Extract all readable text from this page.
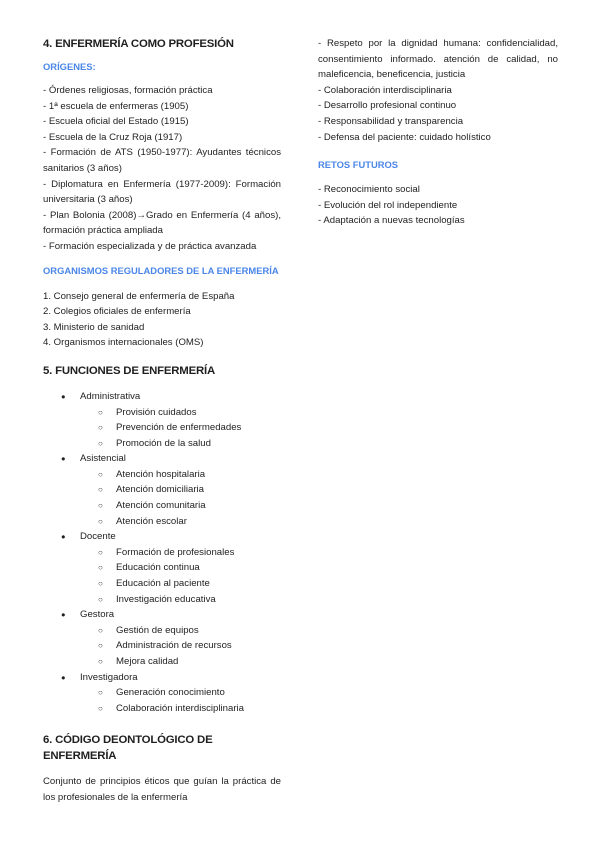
4. ENFERMERÍA COMO PROFESIÓN

ORÍGENES:

- Órdenes religiosas, formación práctica

- 1ª escuela de enfermeras (1905)

- Escuela oficial del Estado (1915)

- Escuela de la Cruz Roja (1917)

- Formación de ATS (1950-1977): Ayudantes técnicos sanitarios (3 años)

- Diplomatura en Enfermería (1977-2009): Formación universitaria (3 años)

- Plan Bolonia (2008)→Grado en Enfermería (4 años), formación práctica ampliada

- Formación especializada y de práctica avanzada

ORGANISMOS REGULADORES DE LA ENFERMERÍA

1. Consejo general de enfermería de España

2. Colegios oficiales de enfermería

3. Ministerio de sanidad

4. Organismos internacionales (OMS)

5. FUNCIONES DE ENFERMERÍA

● Administrativa
○ Provisión cuidados
○ Prevención de enfermedades
○ Promoción de la salud
● Asistencial
○ Atención hospitalaria
○ Atención domiciliaria
○ Atención comunitaria
○ Atención escolar
● Docente
○ Formación de profesionales
○ Educación continua
○ Educación al paciente
○ Investigación educativa
● Gestora
○ Gestión de equipos
○ Administración de recursos
○ Mejora calidad
● Investigadora
○ Generación conocimiento
○ Colaboración interdisciplinaria

6. CÓDIGO DEONTOLÓGICO DE ENFERMERÍA

Conjunto de principios éticos que guían la práctica de los profesionales de la enfermería

- Respeto por la dignidad humana: confidencialidad, consentimiento informado. atención de calidad, no maleficencia, beneficencia, justicia

- Colaboración interdisciplinaria

- Desarrollo profesional continuo

- Responsabilidad y transparencia

- Defensa del paciente: cuidado holístico

RETOS FUTUROS

- Reconocimiento social

- Evolución del rol independiente

- Adaptación a nuevas tecnologías
